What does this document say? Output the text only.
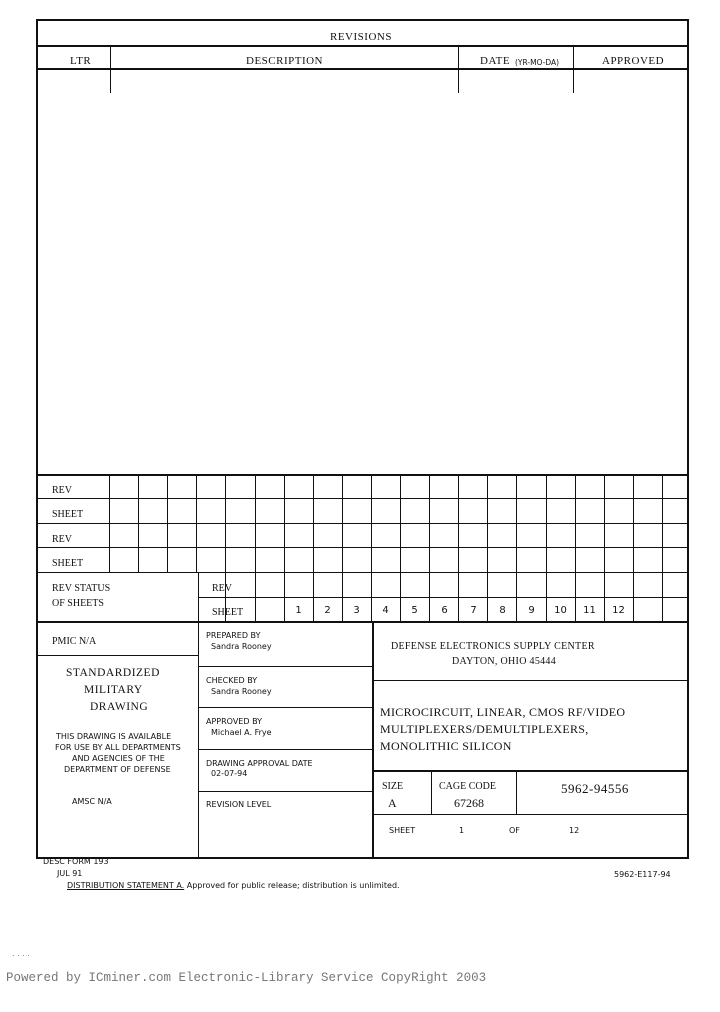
REVISIONS
LTR	DESCRIPTION	DATE (YR-MO-DA)	APPROVED
REV
SHEET
REV
SHEET
REV STATUS
OF SHEETS
REV
SHEET	1	2	3	4	5	6	7	8	9	10	11	12
PMIC N/A
STANDARDIZED
MILITARY
DRAWING
THIS DRAWING IS AVAILABLE
FOR USE BY ALL DEPARTMENTS
AND AGENCIES OF THE
DEPARTMENT OF DEFENSE
AMSC N/A
PREPARED BY
Sandra Rooney
CHECKED BY
Sandra Rooney
APPROVED BY
Michael A. Frye
DRAWING APPROVAL DATE
02-07-94
REVISION LEVEL
DEFENSE ELECTRONICS SUPPLY CENTER
DAYTON, OHIO 45444
MICROCIRCUIT, LINEAR, CMOS RF/VIDEO
MULTIPLEXERS/DEMULTIPLEXERS,
MONOLITHIC SILICON
SIZE
A
CAGE CODE
67268
5962-94556
SHEET	1	OF	12
DESC FORM 193
JUL 91
DISTRIBUTION STATEMENT A. Approved for public release; distribution is unlimited.
5962-E117-94
. . . .
Powered by ICminer.com Electronic-Library Service CopyRight 2003
